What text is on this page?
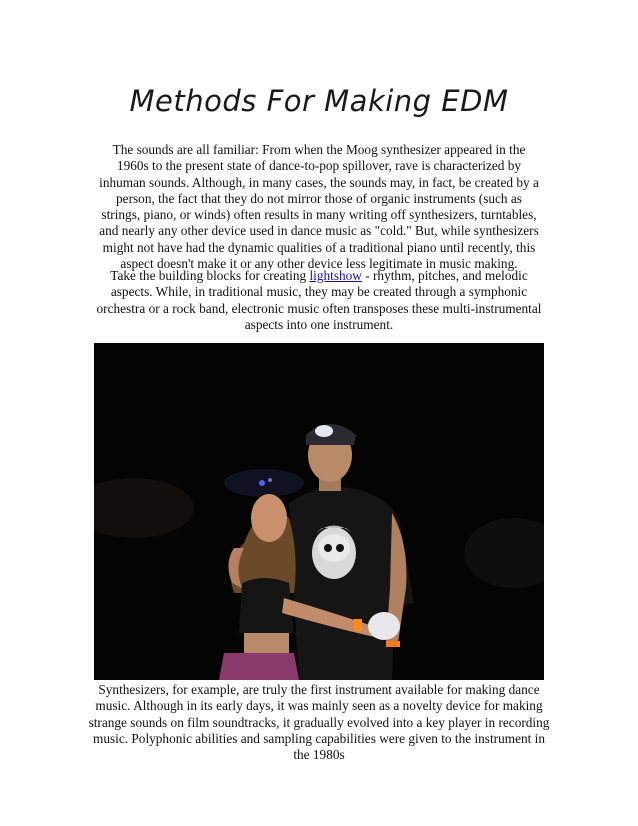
Methods For Making EDM
The sounds are all familiar: From when the Moog synthesizer appeared in the 1960s to the present state of dance-to-pop spillover, rave is characterized by inhuman sounds. Although, in many cases, the sounds may, in fact, be created by a person, the fact that they do not mirror those of organic instruments (such as strings, piano, or winds) often results in many writing off synthesizers, turntables, and nearly any other device used in dance music as "cold." But, while synthesizers might not have had the dynamic qualities of a traditional piano until recently, this aspect doesn't make it or any other device less legitimate in music making.
Take the building blocks for creating lightshow - rhythm, pitches, and melodic aspects. While, in traditional music, they may be created through a symphonic orchestra or a rock band, electronic music often transposes these multi-instrumental aspects into one instrument.
Synthesizers, for example, are truly the first instrument available for making dance music. Although in its early days, it was mainly seen as a novelty device for making strange sounds on film soundtracks, it gradually evolved into a key player in recording music. Polyphonic abilities and sampling capabilities were given to the instrument in the 1980s
